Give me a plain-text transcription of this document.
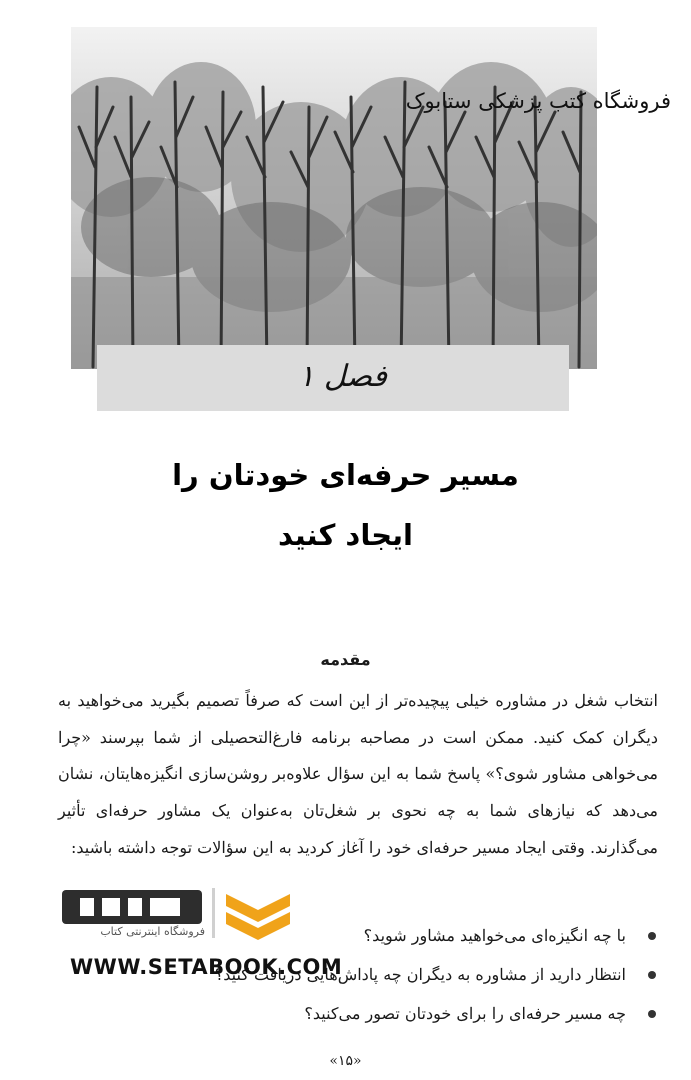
فروشگاه کتب پزشکی ستابوک
فصل ۱
مسیر حرفه‌ای خودتان را
ایجاد کنید
مقدمه

انتخاب شغل در مشاوره خیلی پیچیده‌تر از این است که صرفاً تصمیم بگیرید می‌خواهید به دیگران کمک کنید. ممکن است در مصاحبه برنامه فارغ‌التحصیلی از شما بپرسند «چرا می‌خواهی مشاور شوی؟» پاسخ شما به این سؤال علاوه‌بر روشن‌سازی انگیزه‌هایتان، نشان می‌دهد که نیازهای شما به چه نحوی بر شغل‌تان به‌عنوان یک مشاور حرفه‌ای تأثیر می‌گذارند. وقتی ایجاد مسیر حرفه‌ای خود را آغاز کردید به این سؤالات توجه داشته باشید:

با چه انگیزه‌ای می‌خواهید مشاور شوید؟
انتظار دارید از مشاوره به دیگران چه پاداش‌هایی دریافت کنید؟
چه مسیر حرفه‌ای را برای خودتان تصور می‌کنید؟
فروشگاه اینترنتی کتاب
WWW.SETABOOK.COM
«۱۵»
